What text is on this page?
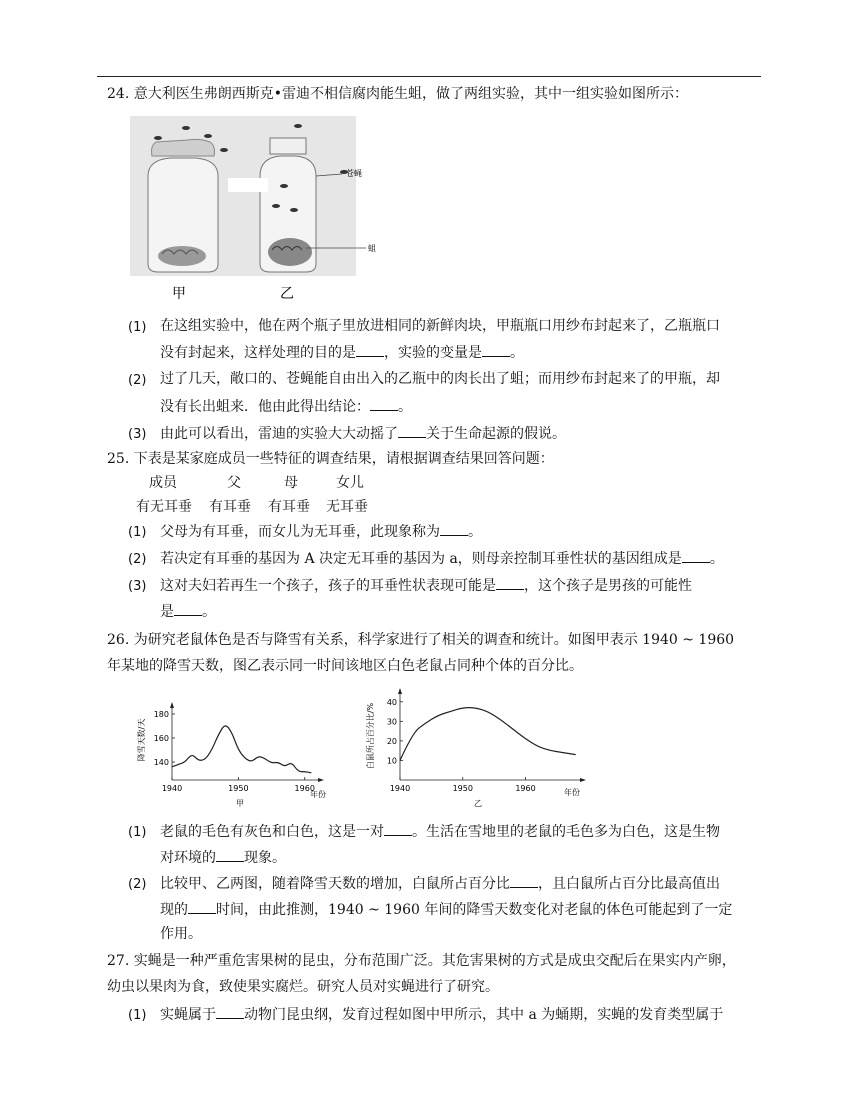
24. 意大利医生弗朗西斯克•雷迪不相信腐肉能生蛆，做了两组实验，其中一组实验如图所示：
苍蝇
蛆
甲	乙
(1) 在这组实验中，他在两个瓶子里放进相同的新鲜肉块，甲瓶瓶口用纱布封起来了，乙瓶瓶口
没有封起来，这样处理的目的是 ，实验的变量是 。
(2) 过了几天，敞口的、苍蝇能自由出入的乙瓶中的肉长出了蛆；而用纱布封起来了的甲瓶，却
没有长出蛆来．他由此得出结论： 。
(3) 由此可以看出，雷迪的实验大大动摇了 关于生命起源的假说。
25. 下表是某家庭成员一些特征的调查结果，请根据调查结果回答问题：
成员	父	母	女儿
有无耳垂 有耳垂 有耳垂 无耳垂
(1) 父母为有耳垂，而女儿为无耳垂，此现象称为 。
(2) 若决定有耳垂的基因为 A 决定无耳垂的基因为 a，则母亲控制耳垂性状的基因组成是 。
(3) 这对夫妇若再生一个孩子，孩子的耳垂性状表现可能是 ，这个孩子是男孩的可能性
是 。
26. 为研究老鼠体色是否与降雪有关系，科学家进行了相关的调查和统计。如图甲表示 1940 ~ 1960
年某地的降雪天数，图乙表示同一时间该地区白色老鼠占同种个体的百分比。
140
160
180
1940	1950	1960
降雪天数/天
年份
甲
10
20
30
40
1940	1950	1960
白鼠所占百分比/%
年份
乙
(1) 老鼠的毛色有灰色和白色，这是一对 。生活在雪地里的老鼠的毛色多为白色，这是生物
对环境的 现象。
(2) 比较甲、乙两图，随着降雪天数的增加，白鼠所占百分比 ，且白鼠所占百分比最高值出
现的 时间，由此推测，1940 ~ 1960 年间的降雪天数变化对老鼠的体色可能起到了一定
作用。
27. 实蝇是一种严重危害果树的昆虫，分布范围广泛。其危害果树的方式是成虫交配后在果实内产卵，
幼虫以果肉为食，致使果实腐烂。研究人员对实蝇进行了研究。
(1) 实蝇属于 动物门昆虫纲，发育过程如图中甲所示，其中 a 为蛹期，实蝇的发育类型属于
